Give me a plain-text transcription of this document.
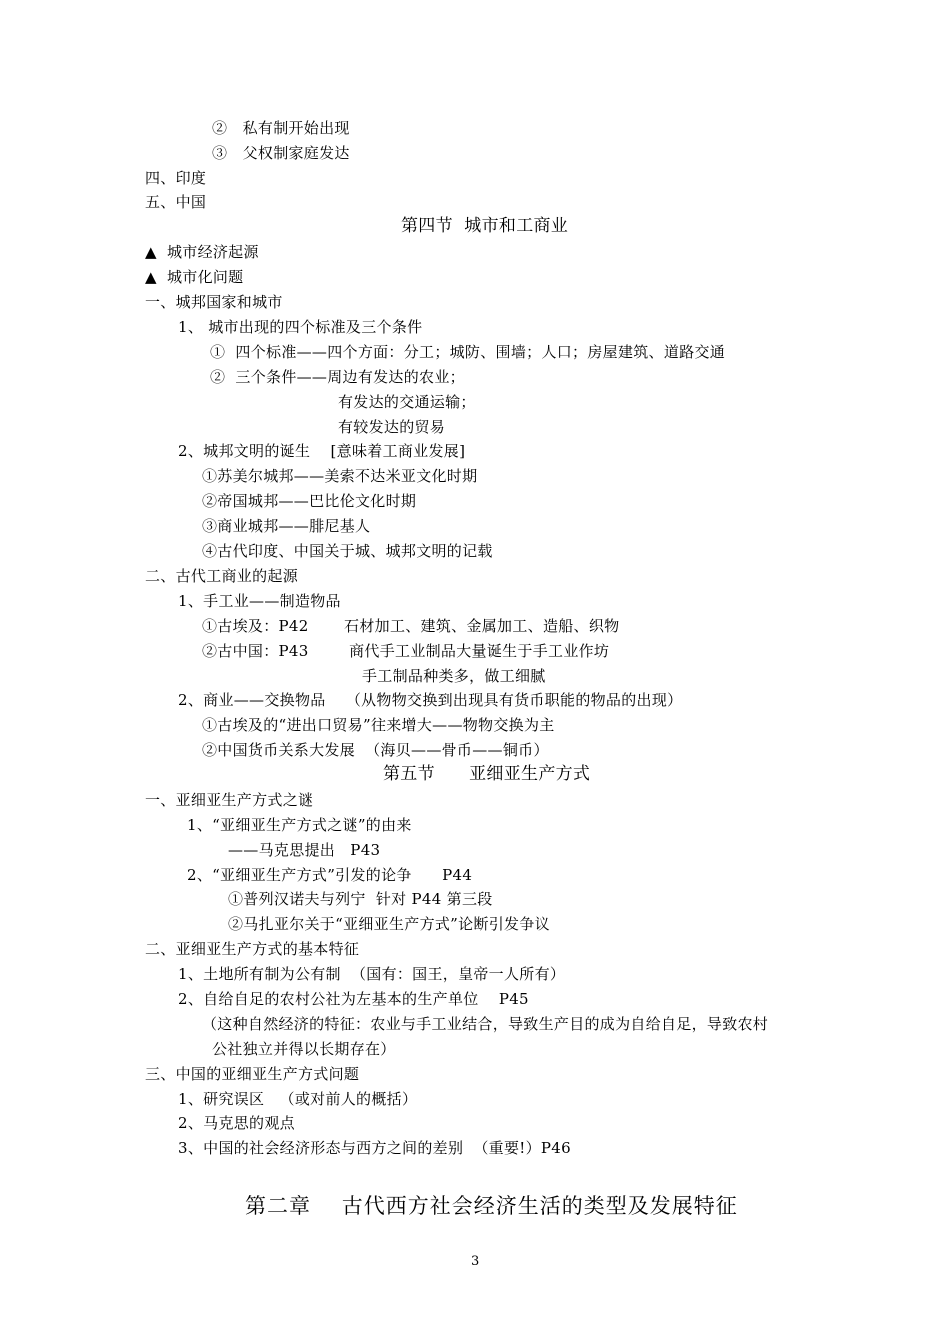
②　私有制开始出现
③　父权制家庭发达
四、印度
五、中国
第四节  城市和工商业
▲  城市经济起源
▲  城市化问题
一、城邦国家和城市
1、 城市出现的四个标准及三个条件
①  四个标准——四个方面：分工；城防、围墙；人口；房屋建筑、道路交通
②  三个条件——周边有发达的农业；
有发达的交通运输；
有较发达的贸易
2、城邦文明的诞生    [意味着工商业发展]
①苏美尔城邦——美索不达米亚文化时期
②帝国城邦——巴比伦文化时期
③商业城邦——腓尼基人
④古代印度、中国关于城、城邦文明的记载
二、古代工商业的起源
1、手工业——制造物品
①古埃及：P42       石材加工、建筑、金属加工、造船、织物
②古中国：P43        商代手工业制品大量诞生于手工业作坊
手工制品种类多，做工细腻
2、商业——交换物品    （从物物交换到出现具有货币职能的物品的出现）
①古埃及的“进出口贸易”往来增大——物物交换为主
②中国货币关系大发展  （海贝——骨币——铜币）
第五节      亚细亚生产方式
一、亚细亚生产方式之谜
1、“亚细亚生产方式之谜”的由来
——马克思提出   P43
2、“亚细亚生产方式”引发的论争      P44
①普列汉诺夫与列宁  针对 P44 第三段
②马扎亚尔关于“亚细亚生产方式”论断引发争议
二、亚细亚生产方式的基本特征
1、土地所有制为公有制  （国有：国王，皇帝一人所有）
2、自给自足的农村公社为左基本的生产单位    P45
（这种自然经济的特征：农业与手工业结合，导致生产目的成为自给自足，导致农村
公社独立并得以长期存在）
三、中国的亚细亚生产方式问题
1、研究误区   （或对前人的概括）
2、马克思的观点
3、中国的社会经济形态与西方之间的差别  （重要!）P46
第二章    古代西方社会经济生活的类型及发展特征
3
